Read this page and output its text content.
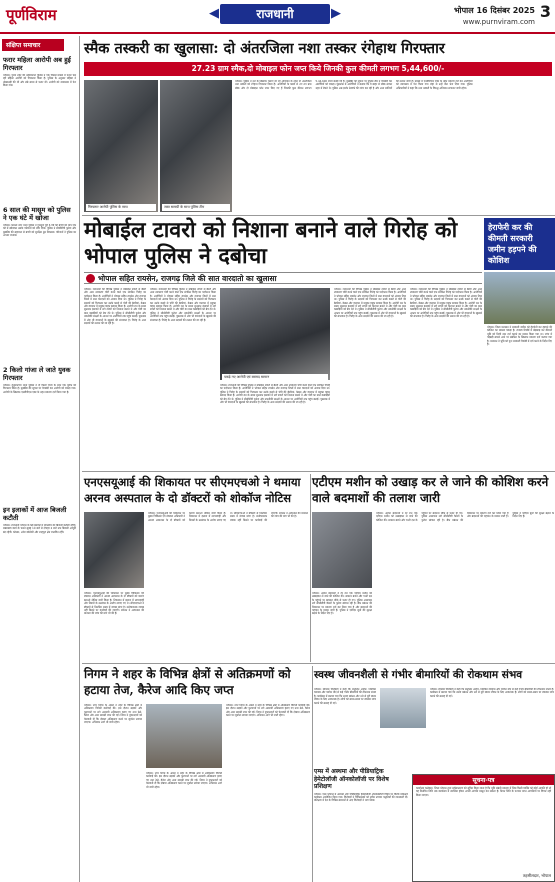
पूर्णविराम
◀	राजधानी ▶	भोपाल 16 दिसंबर 2025
www.purnviram.com
3
संक्षिप्त समाचार
फरार महिला आरोपी अब हुई गिरफ्तार
भोपाल। पुराने शहर की तलैयाथाना पुलिस ने एक पिछले मामले में फरार चल रही महिला आरोपी को गिरफ्तार किया है। पुलिस के अनुसार महिला ने धोखाधड़ी की थी और लंबे समय से फरार थी। आरोपी को न्यायालय में पेश किया गया।
6 साल की मासूम को पुलिस ने एक घंटे में खोजा
भोपाल। कमला नगर थाना पुलिस ने गुमशुदा हुई 6 वर्ष की बच्ची को मात्र एक घंटे में खोजकर उसके परिजनों को सौंप दिया। पुलिस ने सीसीटीवी फुटेज और मुखबिर की सहायता से बच्ची को सुरक्षित ढूंढ निकाला। परिजनों ने पुलिस का आभार जताया।
2 किलो गांजा ले जाते युवक गिरफ्तार
भोपाल। हनुमानगंज थाना पुलिस ने दो किलो गांजा के साथ एक युवक को गिरफ्तार किया है। मुखबिर की सूचना पर घेराबंदी कर आरोपी को पकड़ा गया। आरोपी के खिलाफ एनडीपीएस एक्ट के तहत प्रकरण दर्ज किया गया है।
इन इलाकों में आज बिजली कटौती
भोपाल। राजधानी भोपाल के कई इलाकों में मंगलवार को बिजली कटौती रहेगी। रखरखाव कार्य के चलते सुबह 10 बजे से दोपहर 2 बजे तक बिजली आपूर्ति बंद रहेगी। कोलार, अरेरा कॉलोनी और शाहपुरा क्षेत्र प्रभावित रहेंगे।
स्मैक तस्करी का खुलासा: दो अंतरजिला नशा तस्कर रंगेहाथ गिरफ्तार
27.23 ग्राम स्मैक,दो मोबाइल फोन जप्त किये जिनकी कुल कीमती लगभग 5,44,600/-
गिरफ्तार आरोपी पुलिस के साथ	जब्त सामग्री के साथ पुलिस टीम
भोपाल। पुलिस ने नशे के खिलाफ चलाए जा रहे अभियान के तहत दो अंतरजिला नशा तस्करों को रंगेहाथ गिरफ्तार किया है। आरोपियों के कब्जे से 27.23 ग्राम स्मैक और दो मोबाइल फोन जप्त किए गए हैं जिनकी कुल कीमत लगभग 5,44,600 रुपये बताई गई है। मुखबिर की सूचना पर पुलिस टीम ने घेराबंदी कर आरोपियों को पकड़ा। पूछताछ में आरोपियों ने बताया कि वे बाहर से स्मैक लाकर शहर में बेचते थे। पुलिस अब इनके नेटवर्क की जांच कर रही है और अन्य साथियों की तलाश जारी है। मामले में एनडीपीएस एक्ट के तहत प्रकरण दर्ज कर आरोपियों को न्यायालय में पेश किया गया जहां से उन्हें जेल भेज दिया गया। पुलिस अधिकारियों ने कहा कि नशा तस्करी के विरुद्ध अभियान लगातार जारी रहेगा।
मोबाईल टावरो को निशाना बनाने वाले गिरोह को भोपाल पुलिस ने दबोचा
भोपाल सहित रायसेन, राजगढ़ जिले की सात वारदातो का खुलासा
भोपाल। राजधानी की विभिन्न पुलिस ने मोबाइल टावरों से बैटरी और अन्य उपकरण चोरी करने वाले एक संगठित गिरोह का पर्दाफाश किया है। आरोपियों ने भोपाल सहित रायसेन और राजगढ़ जिलों में सात वारदातों को अंजाम दिया था। पुलिस ने गिरोह के सदस्यों को गिरफ्तार कर उनके कब्जे से चोरी की बैटरियां, केबल और वारदात में प्रयुक्त वाहन बरामद किया है। आरोपी रात के समय सुनसान इलाकों में लगे टावरों को निशाना बनाते थे और चोरी का माल कबाड़ियों को बेच देते थे। पुलिस ने सीसीटीवी फुटेज और तकनीकी साक्ष्यों के आधार पर आरोपियों तक पहुंच बनाई। पूछताछ में और भी वारदातों के खुलासे की संभावना है। गिरोह के अन्य सदस्यों की तलाश की जा रही है।
भोपाल। राजधानी की विभिन्न पुलिस ने मोबाइल टावरों से बैटरी और अन्य उपकरण चोरी करने वाले एक संगठित गिरोह का पर्दाफाश किया है। आरोपियों ने भोपाल सहित रायसेन और राजगढ़ जिलों में सात वारदातों को अंजाम दिया था। पुलिस ने गिरोह के सदस्यों को गिरफ्तार कर उनके कब्जे से चोरी की बैटरियां, केबल और वारदात में प्रयुक्त वाहन बरामद किया है। आरोपी रात के समय सुनसान इलाकों में लगे टावरों को निशाना बनाते थे और चोरी का माल कबाड़ियों को बेच देते थे। पुलिस ने सीसीटीवी फुटेज और तकनीकी साक्ष्यों के आधार पर आरोपियों तक पहुंच बनाई। पूछताछ में और भी वारदातों के खुलासे की संभावना है। गिरोह के अन्य सदस्यों की तलाश की जा रही है।
पकड़े गए आरोपी एवं बरामद सामान
भोपाल। राजधानी की विभिन्न पुलिस ने मोबाइल टावरों से बैटरी और अन्य उपकरण चोरी करने वाले एक संगठित गिरोह का पर्दाफाश किया है। आरोपियों ने भोपाल सहित रायसेन और राजगढ़ जिलों में सात वारदातों को अंजाम दिया था। पुलिस ने गिरोह के सदस्यों को गिरफ्तार कर उनके कब्जे से चोरी की बैटरियां, केबल और वारदात में प्रयुक्त वाहन बरामद किया है। आरोपी रात के समय सुनसान इलाकों में लगे टावरों को निशाना बनाते थे और चोरी का माल कबाड़ियों को बेच देते थे। पुलिस ने सीसीटीवी फुटेज और तकनीकी साक्ष्यों के आधार पर आरोपियों तक पहुंच बनाई। पूछताछ में और भी वारदातों के खुलासे की संभावना है। गिरोह के अन्य सदस्यों की तलाश की जा रही है।
भोपाल। राजधानी की विभिन्न पुलिस ने मोबाइल टावरों से बैटरी और अन्य उपकरण चोरी करने वाले एक संगठित गिरोह का पर्दाफाश किया है। आरोपियों ने भोपाल सहित रायसेन और राजगढ़ जिलों में सात वारदातों को अंजाम दिया था। पुलिस ने गिरोह के सदस्यों को गिरफ्तार कर उनके कब्जे से चोरी की बैटरियां, केबल और वारदात में प्रयुक्त वाहन बरामद किया है। आरोपी रात के समय सुनसान इलाकों में लगे टावरों को निशाना बनाते थे और चोरी का माल कबाड़ियों को बेच देते थे। पुलिस ने सीसीटीवी फुटेज और तकनीकी साक्ष्यों के आधार पर आरोपियों तक पहुंच बनाई। पूछताछ में और भी वारदातों के खुलासे की संभावना है। गिरोह के अन्य सदस्यों की तलाश की जा रही है।
भोपाल। राजधानी की विभिन्न पुलिस ने मोबाइल टावरों से बैटरी और अन्य उपकरण चोरी करने वाले एक संगठित गिरोह का पर्दाफाश किया है। आरोपियों ने भोपाल सहित रायसेन और राजगढ़ जिलों में सात वारदातों को अंजाम दिया था। पुलिस ने गिरोह के सदस्यों को गिरफ्तार कर उनके कब्जे से चोरी की बैटरियां, केबल और वारदात में प्रयुक्त वाहन बरामद किया है। आरोपी रात के समय सुनसान इलाकों में लगे टावरों को निशाना बनाते थे और चोरी का माल कबाड़ियों को बेच देते थे। पुलिस ने सीसीटीवी फुटेज और तकनीकी साक्ष्यों के आधार पर आरोपियों तक पहुंच बनाई। पूछताछ में और भी वारदातों के खुलासे की संभावना है। गिरोह के अन्य सदस्यों की तलाश की जा रही है।
हेराफेरी कर की कीमती सरकारी जमीन हड़पने की कोशिश
भोपाल। जिला प्रशासन ने सरकारी जमीन को हेराफेरी कर हड़पने की कोशिश का मामला पकड़ा है। राजस्व रिकॉर्ड में छेड़छाड़ कर कीमती भूमि को निजी नाम दर्ज कराने का प्रयास किया गया था। जांच में गड़बड़ी सामने आने पर संबंधित के खिलाफ प्रकरण दर्ज कराया गया है। प्रशासन ने भूमि को पुनः सरकारी रिकॉर्ड में दर्ज करने के निर्देश दिए हैं।
एनएसयूआई की शिकायत पर सीएमएचओ ने थमाया अरनव अस्पताल के दो डॉक्टरों को शोकॉज नोटिस
भोपाल। एनएसयूआई की शिकायत पर मुख्य चिकित्सा एवं स्वास्थ्य अधिकारी ने अरनव अस्पताल के दो डॉक्टरों को कारण बताओ नोटिस जारी किया है। शिकायत में इलाज में लापरवाही और नियमों के उल्लंघन के आरोप लगाए गए थे। सीएमएचओ ने डॉक्टरों से निर्धारित समय में जवाब मांगा है। संतोषजनक जवाब नहीं मिलने पर कार्रवाई की जाएगी। संगठन ने अस्पताल की मान्यता की जांच की मांग भी की है।
भोपाल। एनएसयूआई की शिकायत पर मुख्य चिकित्सा एवं स्वास्थ्य अधिकारी ने अरनव अस्पताल के दो डॉक्टरों को कारण बताओ नोटिस जारी किया है। शिकायत में इलाज में लापरवाही और नियमों के उल्लंघन के आरोप लगाए गए थे। सीएमएचओ ने डॉक्टरों से निर्धारित समय में जवाब मांगा है। संतोषजनक जवाब नहीं मिलने पर कार्रवाई की जाएगी। संगठन ने अस्पताल की मान्यता की जांच की मांग भी की है।
एटीएम मशीन को उखाड़ कर ले जाने की कोशिश करने वाले बदमाशों की तलाश जारी
भोपाल। अज्ञात बदमाशों ने देर रात एक एटीएम मशीन को उखाड़कर ले जाने की कोशिश की। सायरन बजने और गश्ती दल के पहुंचने पर बदमाश मौके से फरार हो गए। पुलिस आसपास लगे सीसीटीवी कैमरों के फुटेज खंगाल रही है। बैंक प्रबंधन की शिकायत पर प्रकरण दर्ज कर लिया गया है और बदमाशों की पहचान के प्रयास जारी हैं। पुलिस ने एटीएम बूथों की सुरक्षा बढ़ाने के निर्देश दिए हैं।
भोपाल। अज्ञात बदमाशों ने देर रात एक एटीएम मशीन को उखाड़कर ले जाने की कोशिश की। सायरन बजने और गश्ती दल के पहुंचने पर बदमाश मौके से फरार हो गए। पुलिस आसपास लगे सीसीटीवी कैमरों के फुटेज खंगाल रही है। बैंक प्रबंधन की शिकायत पर प्रकरण दर्ज कर लिया गया है और बदमाशों की पहचान के प्रयास जारी हैं। पुलिस ने एटीएम बूथों की सुरक्षा बढ़ाने के निर्देश दिए हैं।
निगम ने शहर के विभिन्न क्षेत्रों से अतिक्रमणों को हटाया तेज, कैरेज आदि किए जप्त
भोपाल। नगर निगम के अमले ने शहर के विभिन्न क्षेत्रों में अतिक्रमण विरोधी कार्रवाई की। इस दौरान सड़कों और फुटपाथों पर लगे अस्थायी अतिक्रमण हटाए गए तथा ठेले, कैरेज और अन्य सामग्री जप्त की गई। निगम ने दुकानदारों को चेतावनी दी कि दोबारा अतिक्रमण करने पर जुर्माना लगाया जाएगा। अभियान आगे भी जारी रहेगा।
भोपाल। नगर निगम के अमले ने शहर के विभिन्न क्षेत्रों में अतिक्रमण विरोधी कार्रवाई की। इस दौरान सड़कों और फुटपाथों पर लगे अस्थायी अतिक्रमण हटाए गए तथा ठेले, कैरेज और अन्य सामग्री जप्त की गई। निगम ने दुकानदारों को चेतावनी दी कि दोबारा अतिक्रमण करने पर जुर्माना लगाया जाएगा। अभियान आगे भी जारी रहेगा।
भोपाल। नगर निगम के अमले ने शहर के विभिन्न क्षेत्रों में अतिक्रमण विरोधी कार्रवाई की। इस दौरान सड़कों और फुटपाथों पर लगे अस्थायी अतिक्रमण हटाए गए तथा ठेले, कैरेज और अन्य सामग्री जप्त की गई। निगम ने दुकानदारों को चेतावनी दी कि दोबारा अतिक्रमण करने पर जुर्माना लगाया जाएगा। अभियान आगे भी जारी रहेगा।
स्वस्थ जीवनशैली से गंभीर बीमारियों की रोकथाम संभव
भोपाल। स्वास्थ्य विशेषज्ञों ने कहा कि संतुलित आहार, नियमित व्यायाम और पर्याप्त नींद से कई गंभीर बीमारियों की रोकथाम संभव है। कार्यक्रम में बताया गया कि तनाव प्रबंधन और नशे से दूरी स्वस्थ जीवन के लिए आवश्यक है। लोगों को समय-समय पर स्वास्थ्य जांच कराने की सलाह दी गई।
भोपाल। स्वास्थ्य विशेषज्ञों ने कहा कि संतुलित आहार, नियमित व्यायाम और पर्याप्त नींद से कई गंभीर बीमारियों की रोकथाम संभव है। कार्यक्रम में बताया गया कि तनाव प्रबंधन और नशे से दूरी स्वस्थ जीवन के लिए आवश्यक है। लोगों को समय-समय पर स्वास्थ्य जांच कराने की सलाह दी गई।
एम्स में अस्थमा और पीडियाट्रिक हेमेटोलॉजी ऑनकोलॉजी पर विशेष प्रशिक्षण
भोपाल। एम्स भोपाल में अस्थमा और पीडियाट्रिक हेमेटोलॉजी ऑनकोलॉजी विषय पर विशेष प्रशिक्षण कार्यक्रम आयोजित किया गया। विशेषज्ञों ने चिकित्सकों को नवीन उपचार पद्धतियों की जानकारी दी। प्रशिक्षण में देश के विभिन्न संस्थानों से आए विशेषज्ञों ने भाग लिया।
सूचना-पत्र
कार्यालय कलेक्टर, जिला भोपाल द्वारा सर्वसाधारण को सूचित किया जाता है कि भूमि संबंधी प्रकरण में जिस किसी व्यक्ति को कोई आपत्ति हो तो वह निर्धारित तिथि तक कार्यालय में उपस्थित होकर अपनी आपत्ति प्रस्तुत कर सकता है। नियत तिथि के पश्चात प्राप्त आपत्तियों पर विचार नहीं किया जाएगा।
तहसीलदार, भोपाल
